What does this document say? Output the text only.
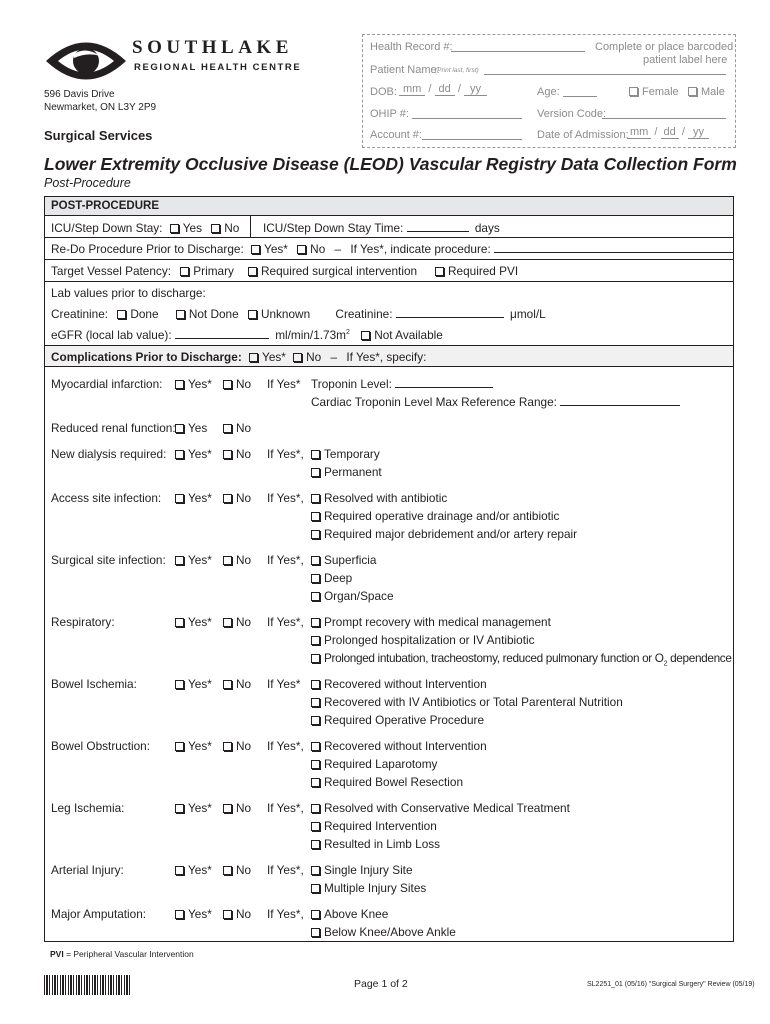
SOUTHLAKE
REGIONAL HEALTH CENTRE
596 Davis Drive
Newmarket, ON L3Y 2P9
Surgical Services
Health Record #:	Complete or place barcoded
patient label here
Patient Name:
(Print last, first)
DOB: mm / dd / yy	Age:	Female	Male
OHIP #:	Version Code:
Account #:	Date of Admission: mm / dd / yy
Lower Extremity Occlusive Disease (LEOD) Vascular Registry Data Collection Form
Post-Procedure
POST-PROCEDURE
ICU/Step Down Stay: Yes No ICU/Step Down Stay Time:	days
Re-Do Procedure Prior to Discharge: Yes* No – If Yes*, indicate procedure:
Target Vessel Patency: Primary	Required surgical intervention	Required PVI
Lab values prior to discharge:
Creatinine: Done	Not Done Unknown Creatinine:	μmol/L
eGFR (local lab value):	$ml/\min/1.73m^2$ Not Available
Complications Prior to Discharge: Yes* No – If Yes*, specify:
Myocardial infarction:	Yes*	No If Yes* Troponin Level:
Cardiac Troponin Level Max Reference Range:
Reduced renal function:	Yes	No
New dialysis required:	Yes*	No If Yes*,	Temporary
Permanent
Access site infection:	Yes*	No If Yes*,	Resolved with antibiotic
Required operative drainage and/or antibiotic
Required major debridement and/or artery repair
Surgical site infection:	Yes*	No If Yes*,	Superficia
Deep
Organ/Space
Respiratory:	Yes*	No If Yes*,	Prompt recovery with medical management
Prolonged hospitalization or IV Antibiotic
Prolonged intubation, tracheostomy, reduced pulmonary function or $O_2$ dependence
Bowel Ischemia:	Yes*	No If Yes*	Recovered without Intervention
Recovered with IV Antibiotics or Total Parenteral Nutrition
Required Operative Procedure
Bowel Obstruction:	Yes*	No If Yes*,	Recovered without Intervention
Required Laparotomy
Required Bowel Resection
Leg Ischemia:	Yes*	No If Yes*,	Resolved with Conservative Medical Treatment
Required Intervention
Resulted in Limb Loss
Arterial Injury:	Yes*	No If Yes*,	Single Injury Site
Multiple Injury Sites
Major Amputation:	Yes*	No If Yes*,	Above Knee
Below Knee/Above Ankle
PVI = Peripheral Vascular Intervention
Page 1 of 2	SL2251_01 (05/16) "Surgical Surgery" Review (05/19)
